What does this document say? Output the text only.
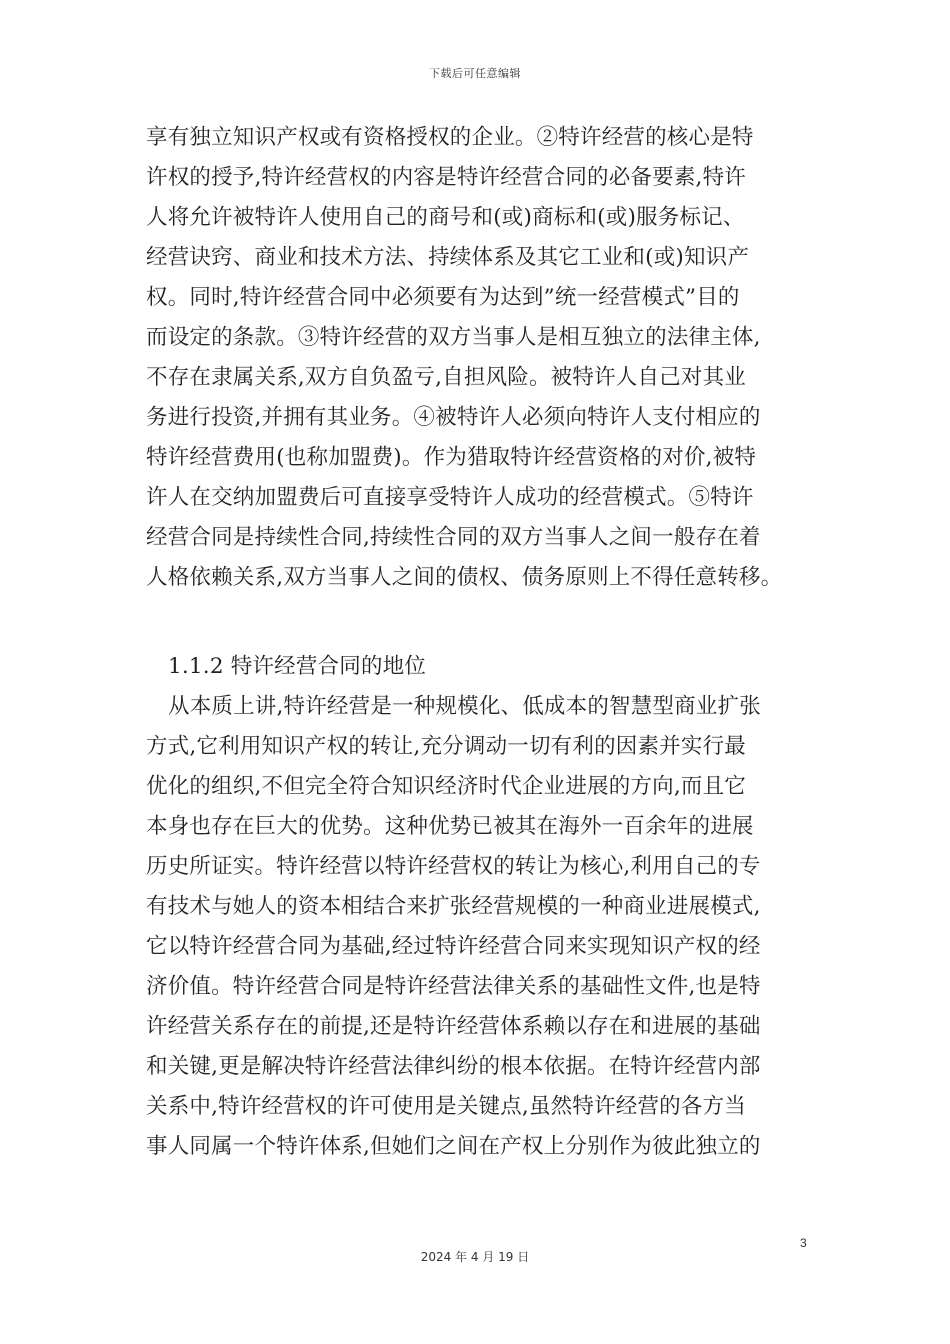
下载后可任意编辑
享有独立知识产权或有资格授权的企业。②特许经营的核心是特
许权的授予,特许经营权的内容是特许经营合同的必备要素,特许
人将允许被特许人使用自己的商号和(或)商标和(或)服务标记、
经营诀窍、商业和技术方法、持续体系及其它工业和(或)知识产
权。同时,特许经营合同中必须要有为达到”统一经营模式”目的
而设定的条款。③特许经营的双方当事人是相互独立的法律主体,
不存在隶属关系,双方自负盈亏,自担风险。被特许人自己对其业
务进行投资,并拥有其业务。④被特许人必须向特许人支付相应的
特许经营费用(也称加盟费)。作为猎取特许经营资格的对价,被特
许人在交纳加盟费后可直接享受特许人成功的经营模式。⑤特许
经营合同是持续性合同,持续性合同的双方当事人之间一般存在着
人格依赖关系,双方当事人之间的债权、债务原则上不得任意转移。
1.1.2 特许经营合同的地位
从本质上讲,特许经营是一种规模化、低成本的智慧型商业扩张
方式,它利用知识产权的转让,充分调动一切有利的因素并实行最
优化的组织,不但完全符合知识经济时代企业进展的方向,而且它
本身也存在巨大的优势。这种优势已被其在海外一百余年的进展
历史所证实。特许经营以特许经营权的转让为核心,利用自己的专
有技术与她人的资本相结合来扩张经营规模的一种商业进展模式,
它以特许经营合同为基础,经过特许经营合同来实现知识产权的经
济价值。特许经营合同是特许经营法律关系的基础性文件,也是特
许经营关系存在的前提,还是特许经营体系赖以存在和进展的基础
和关键,更是解决特许经营法律纠纷的根本依据。在特许经营内部
关系中,特许经营权的许可使用是关键点,虽然特许经营的各方当
事人同属一个特许体系,但她们之间在产权上分别作为彼此独立的
3
2024 年 4 月 19 日
